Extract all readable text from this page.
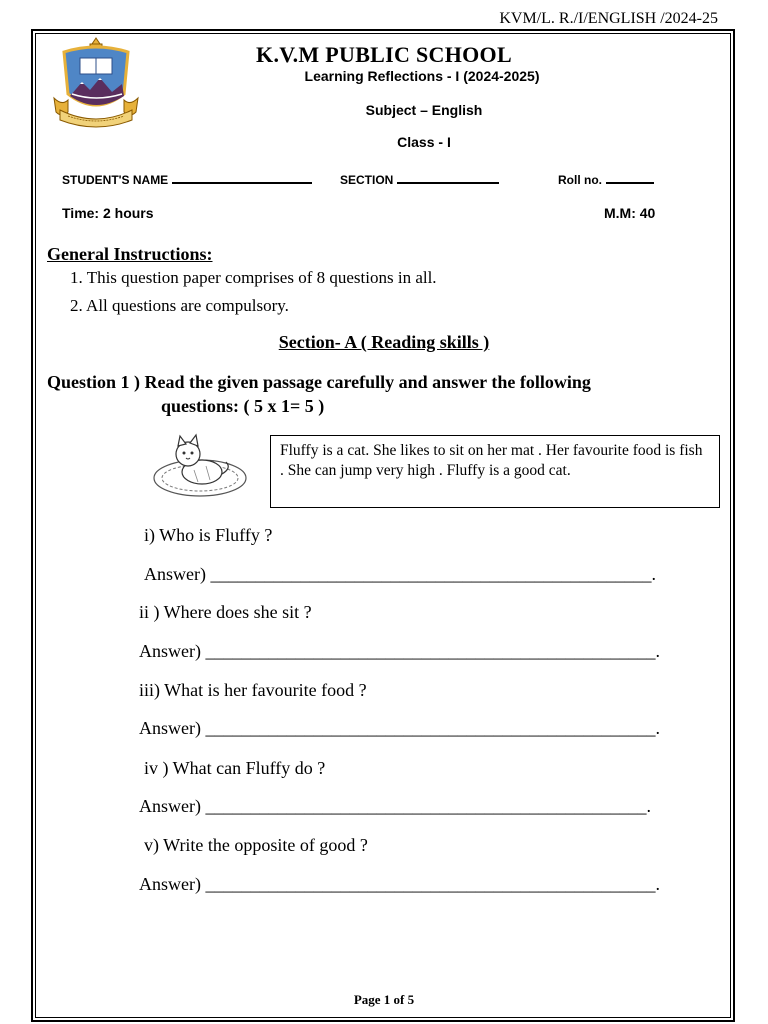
KVM/L. R./I/ENGLISH /2024-25
K.V.M PUBLIC SCHOOL
Learning Reflections - I (2024-2025)
Subject – English
Class - I
STUDENT'S NAME	SECTION	Roll no.
Time: 2 hours	M.M: 40
General Instructions:
1. This question paper comprises of 8 questions in all.
2. All questions are compulsory.
Section- A ( Reading skills )
Question 1 ) Read the given passage carefully and answer the following
questions: ( 5 x 1= 5 )
Fluffy is a cat. She likes to sit on her mat . Her favourite food is fish . She can jump very high . Fluffy is a good cat.
i) Who is Fluffy ?
Answer) _________________________________________________.
ii ) Where does she sit ?
Answer) __________________________________________________.
iii) What is her favourite food ?
Answer) __________________________________________________.
iv ) What can Fluffy do ?
Answer) _________________________________________________.
v) Write the opposite of good ?
Answer) __________________________________________________.
Page 1 of 5
